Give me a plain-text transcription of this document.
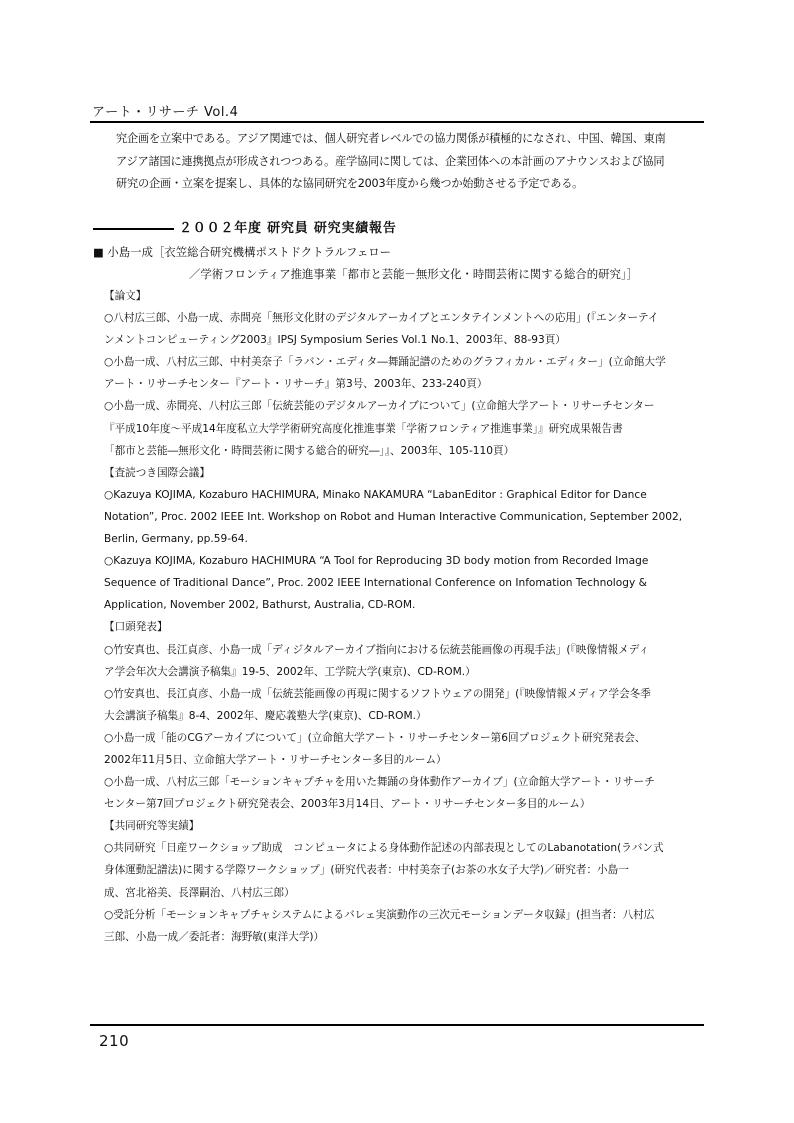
アート・リサーチ Vol.4
究企画を立案中である。アジア関連では、個人研究者レベルでの協力関係が積極的になされ、中国、韓国、東南
アジア諸国に連携拠点が形成されつつある。産学協同に関しては、企業団体への本計画のアナウンスおよび協同
研究の企画・立案を提案し、具体的な協同研究を2003年度から幾つか始動させる予定である。
２００２年度 研究員 研究実績報告
■ 小島一成［衣笠総合研究機構ポストドクトラルフェロー
／学術フロンティア推進事業「都市と芸能－無形文化・時間芸術に関する総合的研究」］
【論文】
○八村広三郎、小島一成、赤間亮「無形文化財のデジタルアーカイブとエンタテインメントへの応用」(『エンターテイ
ンメントコンピューティング2003』IPSJ Symposium Series Vol.1 No.1、2003年、88-93頁）
○小島一成、八村広三郎、中村美奈子「ラバン・エディタ―舞踊記譜のためのグラフィカル・エディター」(立命館大学
アート・リサーチセンター『アート・リサーチ』第3号、2003年、233-240頁）
○小島一成、赤間亮、八村広三郎「伝統芸能のデジタルアーカイブについて」(立命館大学アート・リサーチセンター
『平成10年度～平成14年度私立大学学術研究高度化推進事業「学術フロンティア推進事業」』研究成果報告書
「都市と芸能―無形文化・時間芸術に関する総合的研究―」』、2003年、105-110頁）
【査読つき国際会議】
○Kazuya KOJIMA, Kozaburo HACHIMURA, Minako NAKAMURA “LabanEditor : Graphical Editor for Dance
Notation”, Proc. 2002 IEEE Int. Workshop on Robot and Human Interactive Communication, September 2002,
Berlin, Germany, pp.59-64.
○Kazuya KOJIMA, Kozaburo HACHIMURA “A Tool for Reproducing 3D body motion from Recorded Image
Sequence of Traditional Dance”, Proc. 2002 IEEE International Conference on Infomation Technology &
Application, November 2002, Bathurst, Australia, CD-ROM.
【口頭発表】
○竹安真也、長江貞彦、小島一成「ディジタルアーカイブ指向における伝統芸能画像の再現手法」(『映像情報メディ
ア学会年次大会講演予稿集』19-5、2002年、工学院大学(東京)、CD-ROM.）
○竹安真也、長江貞彦、小島一成「伝統芸能画像の再現に関するソフトウェアの開発」(『映像情報メディア学会冬季
大会講演予稿集』8-4、2002年、慶応義塾大学(東京)、CD-ROM.）
○小島一成「能のCGアーカイブについて」(立命館大学アート・リサーチセンター第6回プロジェクト研究発表会、
2002年11月5日、立命館大学アート・リサーチセンター多目的ルーム）
○小島一成、八村広三郎「モーションキャプチャを用いた舞踊の身体動作アーカイブ」(立命館大学アート・リサーチ
センター第7回プロジェクト研究発表会、2003年3月14日、アート・リサーチセンター多目的ルーム）
【共同研究等実績】
○共同研究「日産ワークショップ助成　コンピュータによる身体動作記述の内部表現としてのLabanotation(ラバン式
身体運動記譜法)に関する学際ワークショップ」(研究代表者：中村美奈子(お茶の水女子大学)／研究者：小島一
成、宮北裕美、長澤嗣治、八村広三郎）
○受託分析「モーションキャプチャシステムによるバレェ実演動作の三次元モーションデータ収録」(担当者：八村広
三郎、小島一成／委託者：海野敏(東洋大学)）
210
